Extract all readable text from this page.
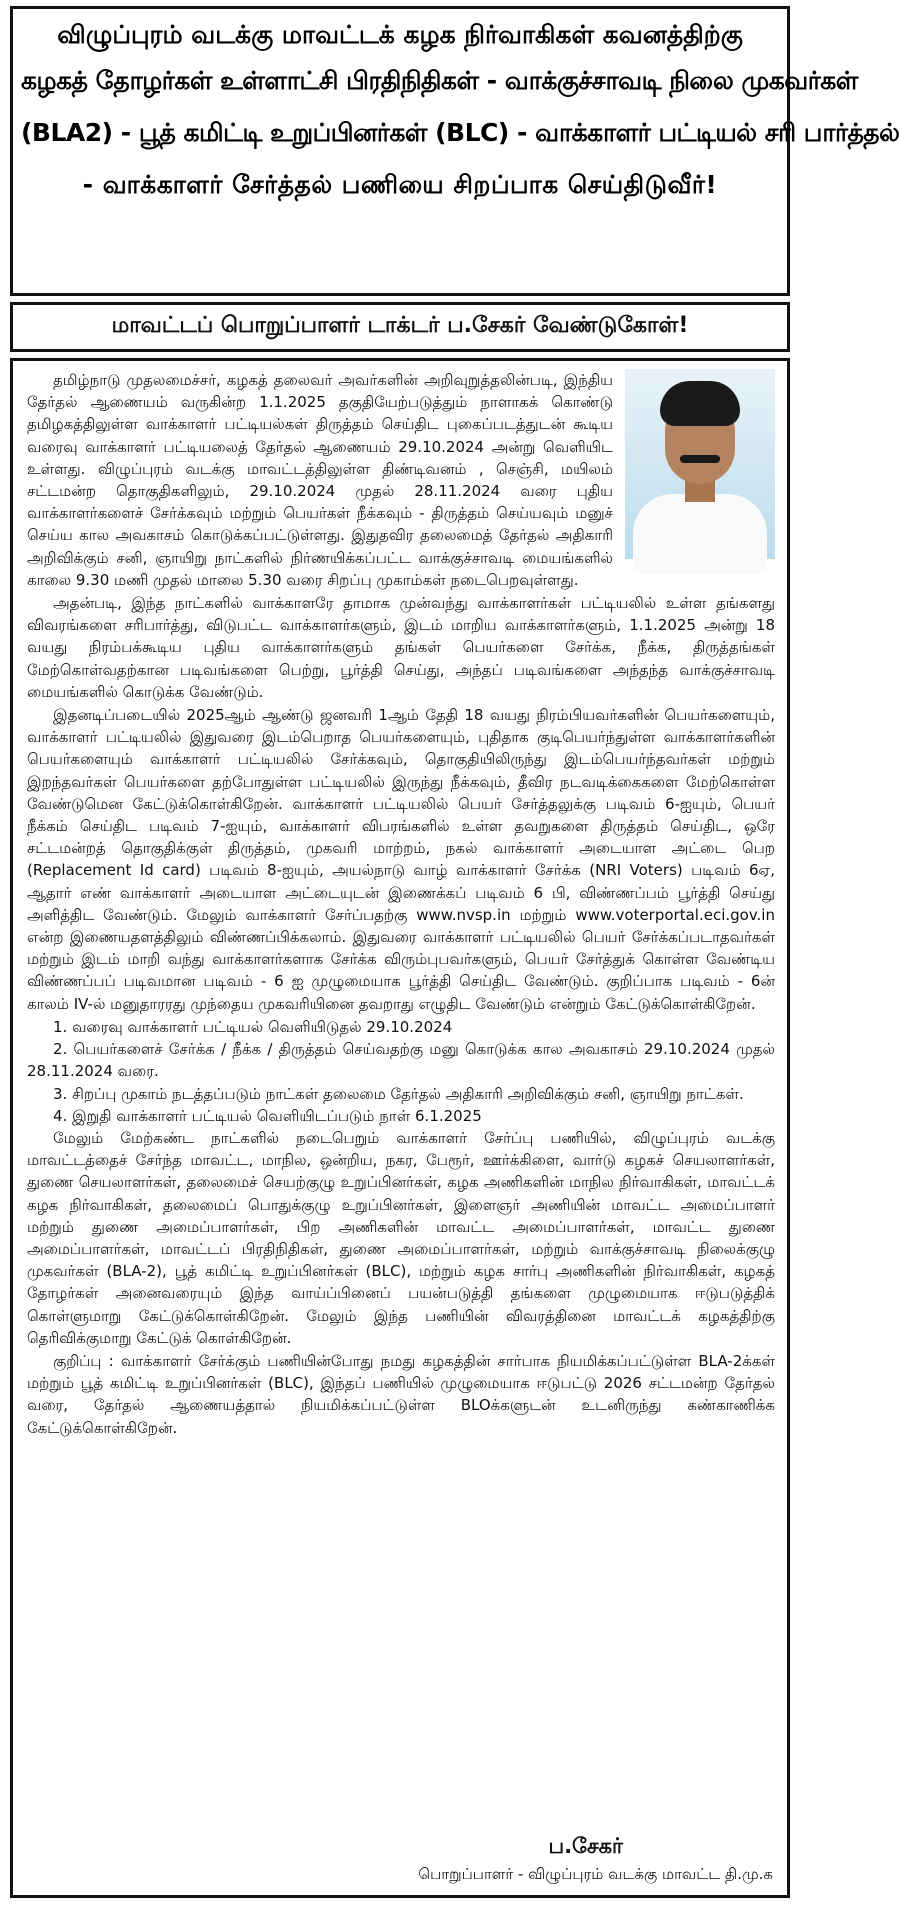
விழுப்புரம் வடக்கு மாவட்டக் கழக நிர்வாகிகள் கவனத்திற்கு
கழகத் தோழர்கள் உள்ளாட்சி பிரதிநிதிகள் - வாக்குச்சாவடி நிலை முகவர்கள்
(BLA2) - பூத் கமிட்டி உறுப்பினர்கள் (BLC) - வாக்காளர் பட்டியல் சரி பார்த்தல்
- வாக்காளர் சேர்த்தல் பணியை சிறப்பாக செய்திடுவீர்!
மாவட்டப் பொறுப்பாளர் டாக்டர் ப.சேகர் வேண்டுகோள்!

தமிழ்நாடு முதலமைச்சர், கழகத் தலைவர் அவர்களின் அறிவுறுத்தலின்படி, இந்திய தேர்தல் ஆணையம் வருகின்ற 1.1.2025 தகுதியேற்படுத்தும் நாளாகக் கொண்டு தமிழகத்திலுள்ள வாக்காளர் பட்டியல்கள் திருத்தம் செய்திட புகைப்படத்துடன் கூடிய வரைவு வாக்காளர் பட்டியலைத் தேர்தல் ஆணையம் 29.10.2024 அன்று வெளியிட உள்ளது. விழுப்புரம் வடக்கு மாவட்டத்திலுள்ள திண்டிவனம் , செஞ்சி, மயிலம் சட்டமன்ற தொகுதிகளிலும், 29.10.2024 முதல் 28.11.2024 வரை புதிய வாக்காளர்களைச் சேர்க்கவும் மற்றும் பெயர்கள் நீக்கவும் - திருத்தம் செய்யவும் மனுச் செய்ய கால அவகாசம் கொடுக்கப்பட்டுள்ளது. இதுதவிர தலைமைத் தேர்தல் அதிகாரி அறிவிக்கும் சனி, ஞாயிறு நாட்களில் நிர்ணயிக்கப்பட்ட வாக்குச்சாவடி மையங்களில் காலை 9.30 மணி முதல் மாலை 5.30 வரை சிறப்பு முகாம்கள் நடைபெறவுள்ளது.

அதன்படி, இந்த நாட்களில் வாக்காளரே தாமாக முன்வந்து வாக்காளர்கள் பட்டியலில் உள்ள தங்களது விவரங்களை சரிபார்த்து, விடுபட்ட வாக்காளர்களும், இடம் மாறிய வாக்காளர்களும், 1.1.2025 அன்று 18 வயது நிரம்பக்கூடிய புதிய வாக்காளர்களும் தங்கள் பெயர்களை சேர்க்க, நீக்க, திருத்தங்கள் மேற்கொள்வதற்கான படிவங்களை பெற்று, பூர்த்தி செய்து, அந்தப் படிவங்களை அந்தந்த வாக்குச்சாவடி மையங்களில் கொடுக்க வேண்டும்.

இதனடிப்படையில் 2025ஆம் ஆண்டு ஜனவரி 1ஆம் தேதி 18 வயது நிரம்பியவர்களின் பெயர்களையும், வாக்காளர் பட்டியலில் இதுவரை இடம்பெறாத பெயர்களையும், புதிதாக குடிபெயர்ந்துள்ள வாக்காளர்களின் பெயர்களையும் வாக்காளர் பட்டியலில் சேர்க்கவும், தொகுதியிலிருந்து இடம்பெயர்ந்தவர்கள் மற்றும் இறந்தவர்கள் பெயர்களை தற்போதுள்ள பட்டியலில் இருந்து நீக்கவும், தீவிர நடவடிக்கைகளை மேற்கொள்ள வேண்டுமென கேட்டுக்கொள்கிறேன். வாக்காளர் பட்டியலில் பெயர் சேர்த்தலுக்கு படிவம் 6-ஐயும், பெயர் நீக்கம் செய்திட படிவம் 7-ஐயும், வாக்காளர் விபரங்களில் உள்ள தவறுகளை திருத்தம் செய்திட, ஒரே சட்டமன்றத் தொகுதிக்குள் திருத்தம், முகவரி மாற்றம், நகல் வாக்காளர் அடையாள அட்டை பெற (Replacement Id card) படிவம் 8-ஐயும், அயல்நாடு வாழ் வாக்காளர் சேர்க்க (NRI Voters) படிவம் 6ஏ, ஆதார் எண் வாக்காளர் அடையாள அட்டையுடன் இணைக்கப் படிவம் 6 பி, விண்ணப்பம் பூர்த்தி செய்து அளித்திட வேண்டும். மேலும் வாக்காளர் சேர்ப்பதற்கு www.nvsp.in மற்றும் www.voterportal.eci.gov.in என்ற இணையதளத்திலும் விண்ணப்பிக்கலாம். இதுவரை வாக்காளர் பட்டியலில் பெயர் சேர்க்கப்படாதவர்கள் மற்றும் இடம் மாறி வந்து வாக்காளர்களாக சேர்க்க விரும்புபவர்களும், பெயர் சேர்த்துக் கொள்ள வேண்டிய விண்ணப்பப் படிவமான படிவம் - 6 ஐ முழுமையாக பூர்த்தி செய்திட வேண்டும். குறிப்பாக படிவம் - 6ன் காலம் IV-ல் மனுதாரரது முந்தைய முகவரியினை தவறாது எழுதிட வேண்டும் என்றும் கேட்டுக்கொள்கிறேன்.

1. வரைவு வாக்காளர் பட்டியல் வெளியிடுதல் 29.10.2024
2. பெயர்களைச் சேர்க்க / நீக்க / திருத்தம் செய்வதற்கு மனு கொடுக்க கால அவகாசம் 29.10.2024 முதல் 28.11.2024 வரை.
3. சிறப்பு முகாம் நடத்தப்படும் நாட்கள் தலைமை தேர்தல் அதிகாரி அறிவிக்கும் சனி, ஞாயிறு நாட்கள்.
4. இறுதி வாக்காளர் பட்டியல் வெளியிடப்படும் நாள் 6.1.2025

மேலும் மேற்கண்ட நாட்களில் நடைபெறும் வாக்காளர் சேர்ப்பு பணியில், விழுப்புரம் வடக்கு மாவட்டத்தைச் சேர்ந்த மாவட்ட, மாநில, ஒன்றிய, நகர, பேரூர், ஊர்க்கிளை, வார்டு கழகச் செயலாளர்கள், துணை செயலாளர்கள், தலைமைச் செயற்குழு உறுப்பினர்கள், கழக அணிகளின் மாநில நிர்வாகிகள், மாவட்டக் கழக நிர்வாகிகள், தலைமைப் பொதுக்குழு உறுப்பினர்கள், இளைஞர் அணியின் மாவட்ட அமைப்பாளர் மற்றும் துணை அமைப்பாளர்கள், பிற அணிகளின் மாவட்ட அமைப்பாளர்கள், மாவட்ட துணை அமைப்பாளர்கள், மாவட்டப் பிரதிநிதிகள், துணை அமைப்பாளர்கள், மற்றும் வாக்குச்சாவடி நிலைக்குழு முகவர்கள் (BLA-2), பூத் கமிட்டி உறுப்பினர்கள் (BLC), மற்றும் கழக சார்பு அணிகளின் நிர்வாகிகள், கழகத் தோழர்கள் அனைவரையும் இந்த வாய்ப்பினைப் பயன்படுத்தி தங்களை முழுமையாக ஈடுபடுத்திக் கொள்ளுமாறு கேட்டுக்கொள்கிறேன். மேலும் இந்த பணியின் விவரத்தினை மாவட்டக் கழகத்திற்கு தெரிவிக்குமாறு கேட்டுக் கொள்கிறேன்.

குறிப்பு : வாக்காளர் சேர்க்கும் பணியின்போது நமது கழகத்தின் சார்பாக நியமிக்கப்பட்டுள்ள BLA-2க்கள் மற்றும் பூத் கமிட்டி உறுப்பினர்கள் (BLC), இந்தப் பணியில் முழுமையாக ஈடுபட்டு 2026 சட்டமன்ற தேர்தல் வரை, தேர்தல் ஆணையத்தால் நியமிக்கப்பட்டுள்ள BLOக்களுடன் உடனிருந்து கண்காணிக்க கேட்டுக்கொள்கிறேன்.

ப.சேகர்
பொறுப்பாளர் - விழுப்புரம் வடக்கு மாவட்ட தி.மு.க
